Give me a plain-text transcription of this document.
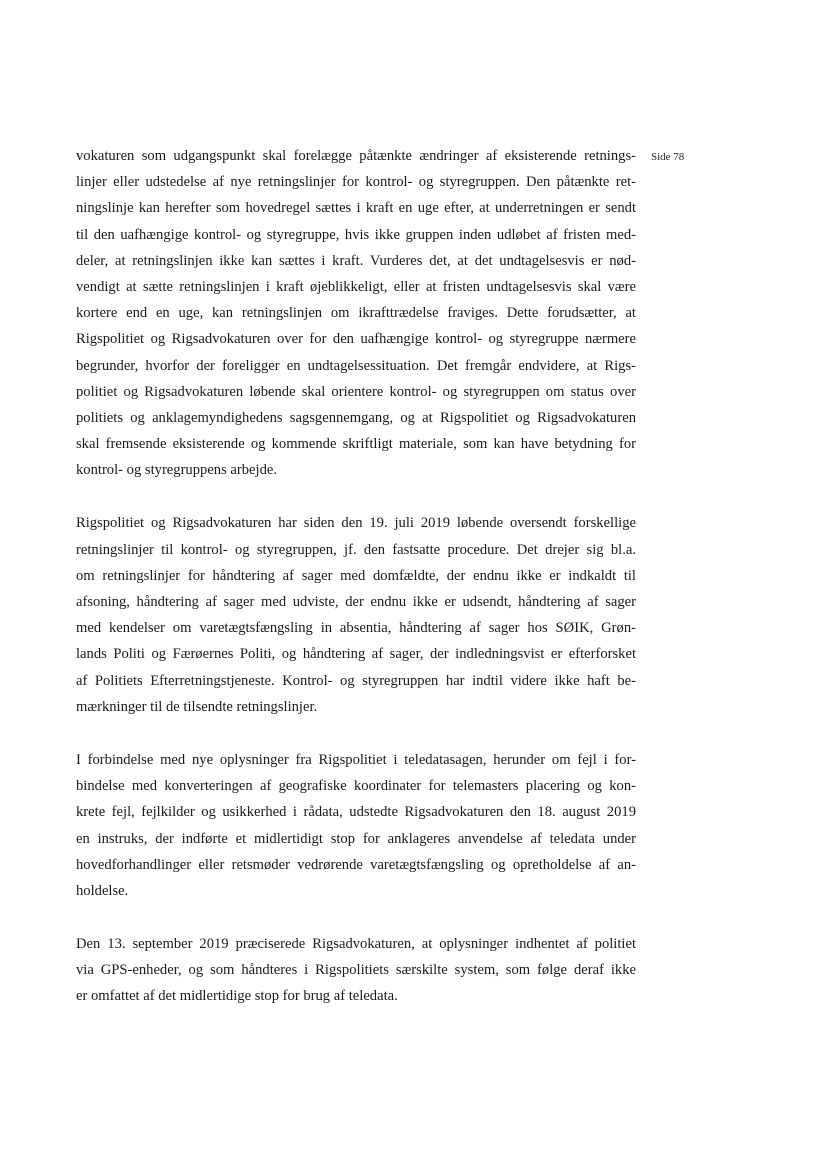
Side 78
vokaturen som udgangspunkt skal forelægge påtænkte ændringer af eksisterende retnings-
linjer eller udstedelse af nye retningslinjer for kontrol- og styregruppen. Den påtænkte ret-
ningslinje kan herefter som hovedregel sættes i kraft en uge efter, at underretningen er sendt
til den uafhængige kontrol- og styregruppe, hvis ikke gruppen inden udløbet af fristen med-
deler, at retningslinjen ikke kan sættes i kraft. Vurderes det, at det undtagelsesvis er nød-
vendigt at sætte retningslinjen i kraft øjeblikkeligt, eller at fristen undtagelsesvis skal være
kortere end en uge, kan retningslinjen om ikrafttrædelse fraviges. Dette forudsætter, at
Rigspolitiet og Rigsadvokaturen over for den uafhængige kontrol- og styregruppe nærmere
begrunder, hvorfor der foreligger en undtagelsessituation. Det fremgår endvidere, at Rigs-
politiet og Rigsadvokaturen løbende skal orientere kontrol- og styregruppen om status over
politiets og anklagemyndighedens sagsgennemgang, og at Rigspolitiet og Rigsadvokaturen
skal fremsende eksisterende og kommende skriftligt materiale, som kan have betydning for
kontrol- og styregruppens arbejde.
Rigspolitiet og Rigsadvokaturen har siden den 19. juli 2019 løbende oversendt forskellige
retningslinjer til kontrol- og styregruppen, jf. den fastsatte procedure. Det drejer sig bl.a.
om retningslinjer for håndtering af sager med domfældte, der endnu ikke er indkaldt til
afsoning, håndtering af sager med udviste, der endnu ikke er udsendt, håndtering af sager
med kendelser om varetægtsfængsling in absentia, håndtering af sager hos SØIK, Grøn-
lands Politi og Færøernes Politi, og håndtering af sager, der indledningsvist er efterforsket
af Politiets Efterretningstjeneste. Kontrol- og styregruppen har indtil videre ikke haft be-
mærkninger til de tilsendte retningslinjer.
I forbindelse med nye oplysninger fra Rigspolitiet i teledatasagen, herunder om fejl i for-
bindelse med konverteringen af geografiske koordinater for telemasters placering og kon-
krete fejl, fejlkilder og usikkerhed i rådata, udstedte Rigsadvokaturen den 18. august 2019
en instruks, der indførte et midlertidigt stop for anklageres anvendelse af teledata under
hovedforhandlinger eller retsmøder vedrørende varetægtsfængsling og opretholdelse af an-
holdelse.
Den 13. september 2019 præciserede Rigsadvokaturen, at oplysninger indhentet af politiet
via GPS-enheder, og som håndteres i Rigspolitiets særskilte system, som følge deraf ikke
er omfattet af det midlertidige stop for brug af teledata.
